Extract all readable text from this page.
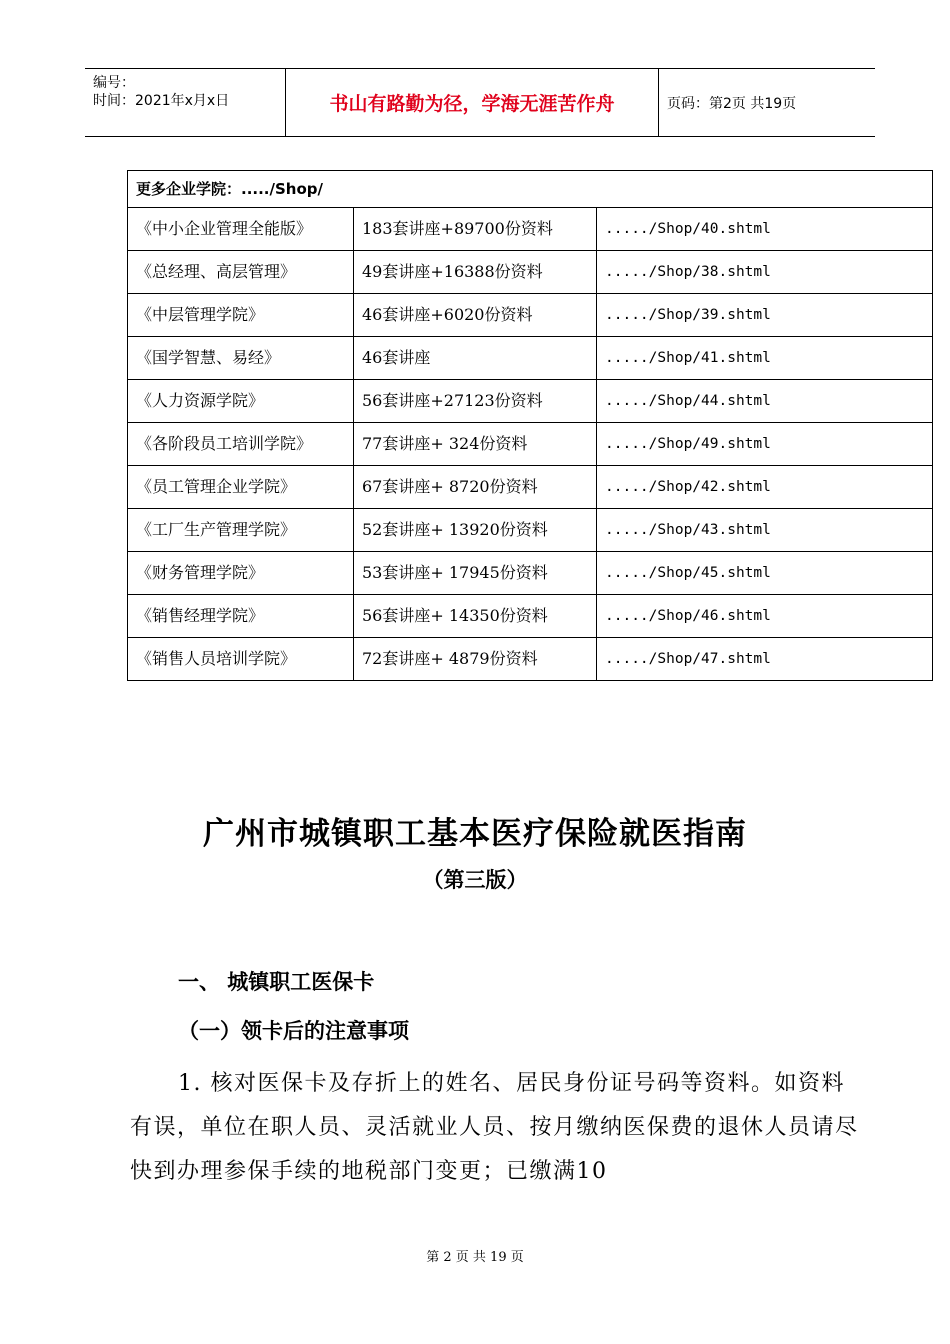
编号：
时间：2021年x月x日	书山有路勤为径，学海无涯苦作舟	页码：第2页 共19页
更多企业学院：...../Shop/		
《中小企业管理全能版》	183套讲座+89700份资料	...../Shop/40.shtml
《总经理、高层管理》	49套讲座+16388份资料	...../Shop/38.shtml
《中层管理学院》	46套讲座+6020份资料	...../Shop/39.shtml
《国学智慧、易经》	46套讲座	...../Shop/41.shtml
《人力资源学院》	56套讲座+27123份资料	...../Shop/44.shtml
《各阶段员工培训学院》	77套讲座+ 324份资料	...../Shop/49.shtml
《员工管理企业学院》	67套讲座+ 8720份资料	...../Shop/42.shtml
《工厂生产管理学院》	52套讲座+ 13920份资料	...../Shop/43.shtml
《财务管理学院》	53套讲座+ 17945份资料	...../Shop/45.shtml
《销售经理学院》	56套讲座+ 14350份资料	...../Shop/46.shtml
《销售人员培训学院》	72套讲座+ 4879份资料	...../Shop/47.shtml
广州市城镇职工基本医疗保险就医指南
（第三版）
一、 城镇职工医保卡
（一）领卡后的注意事项
1. 核对医保卡及存折上的姓名、居民身份证号码等资料。如资料有误，单位在职人员、灵活就业人员、按月缴纳医保费的退休人员请尽快到办理参保手续的地税部门变更；已缴满10
第 2 页 共 19 页
